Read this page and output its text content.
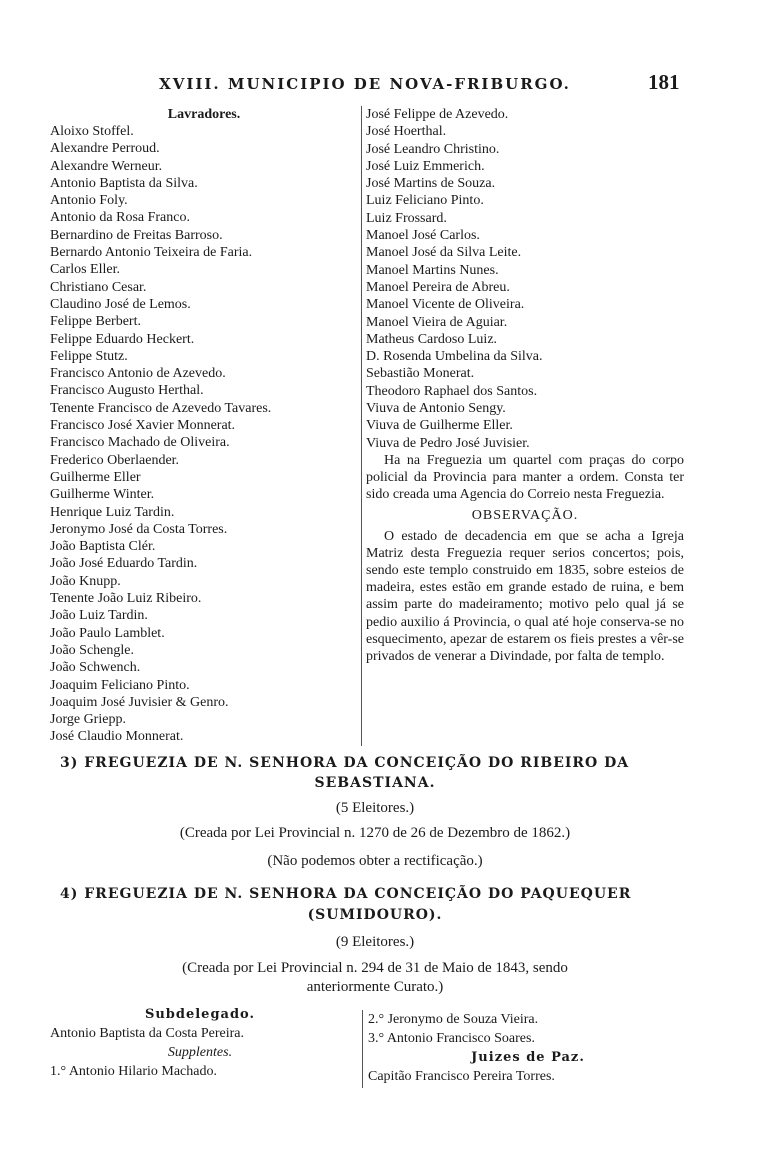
XVIII. MUNICIPIO DE NOVA-FRIBURGO.	181
Lavradores.
Aloixo Stoffel.
Alexandre Perroud.
Alexandre Werneur.
Antonio Baptista da Silva.
Antonio Foly.
Antonio da Rosa Franco.
Bernardino de Freitas Barroso.
Bernardo Antonio Teixeira de Faria.
Carlos Eller.
Christiano Cesar.
Claudino José de Lemos.
Felippe Berbert.
Felippe Eduardo Heckert.
Felippe Stutz.
Francisco Antonio de Azevedo.
Francisco Augusto Herthal.
Tenente Francisco de Azevedo Tavares.
Francisco José Xavier Monnerat.
Francisco Machado de Oliveira.
Frederico Oberlaender.
Guilherme Eller
Guilherme Winter.
Henrique Luiz Tardin.
Jeronymo José da Costa Torres.
João Baptista Clér.
João José Eduardo Tardin.
João Knupp.
Tenente João Luiz Ribeiro.
João Luiz Tardin.
João Paulo Lamblet.
João Schengle.
João Schwench.
Joaquim Feliciano Pinto.
Joaquim José Juvisier & Genro.
Jorge Griepp.
José Claudio Monnerat.
José Felippe de Azevedo.
José Hoerthal.
José Leandro Christino.
José Luiz Emmerich.
José Martins de Souza.
Luiz Feliciano Pinto.
Luiz Frossard.
Manoel José Carlos.
Manoel José da Silva Leite.
Manoel Martins Nunes.
Manoel Pereira de Abreu.
Manoel Vicente de Oliveira.
Manoel Vieira de Aguiar.
Matheus Cardoso Luiz.
D. Rosenda Umbelina da Silva.
Sebastião Monerat.
Theodoro Raphael dos Santos.
Viuva de Antonio Sengy.
Viuva de Guilherme Eller.
Viuva de Pedro José Juvisier.
Ha na Freguezia um quartel com praças do corpo policial da Provincia para manter a ordem. Consta ter sido creada uma Agencia do Correio nesta Freguezia.
OBSERVAÇÃO.
O estado de decadencia em que se acha a Igreja Matriz desta Freguezia requer serios concertos; pois, sendo este templo construido em 1835, sobre esteios de madeira, estes estão em grande estado de ruina, e bem assim parte do madeiramento; motivo pelo qual já se pedio auxilio á Provincia, o qual até hoje conserva-se no esquecimento, apezar de estarem os fieis prestes a vêr-se privados de venerar a Divindade, por falta de templo.
3) FREGUEZIA DE N. SENHORA DA CONCEIÇÃO DO RIBEIRO DA
SEBASTIANA.
(5 Eleitores.)
(Creada por Lei Provincial n. 1270 de 26 de Dezembro de 1862.)
(Não podemos obter a rectificação.)
4) FREGUEZIA DE N. SENHORA DA CONCEIÇÃO DO PAQUEQUER
(SUMIDOURO).
(9 Eleitores.)
(Creada por Lei Provincial n. 294 de 31 de Maio de 1843, sendo
anteriormente Curato.)
Subdelegado.
Antonio Baptista da Costa Pereira.
Supplentes.
1.° Antonio Hilario Machado.
2.° Jeronymo de Souza Vieira.
3.° Antonio Francisco Soares.
Juizes de Paz.
Capitão Francisco Pereira Torres.
